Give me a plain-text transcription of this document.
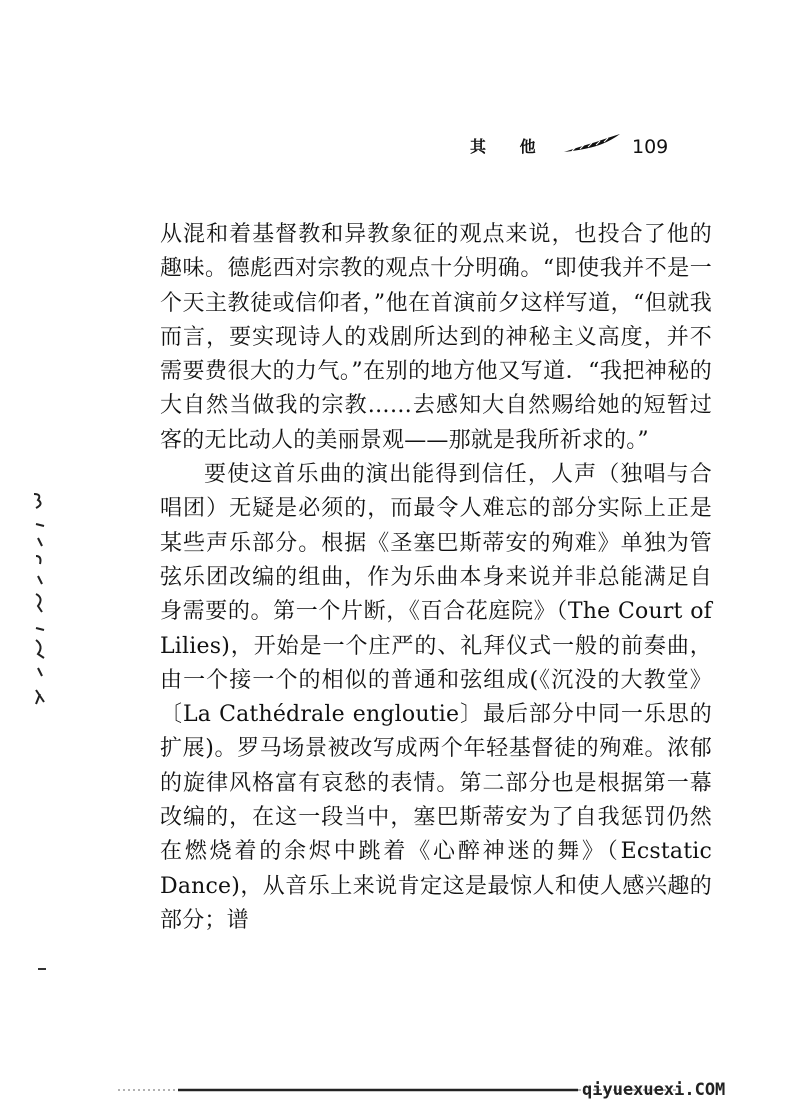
其 他	109

从混和着基督教和异教象征的观点来说，也投合了他的趣味。德彪西对宗教的观点十分明确。“即使我并不是一个天主教徒或信仰者，”他在首演前夕这样写道，“但就我而言，要实现诗人的戏剧所达到的神秘主义高度，并不需要费很大的力气。”在别的地方他又写道．“我把神秘的大自然当做我的宗教……去感知大自然赐给她的短暂过客的无比动人的美丽景观——那就是我所祈求的。”

要使这首乐曲的演出能得到信任，人声（独唱与合唱团）无疑是必须的，而最令人难忘的部分实际上正是某些声乐部分。根据《圣塞巴斯蒂安的殉难》单独为管弦乐团改编的组曲，作为乐曲本身来说并非总能满足自身需要的。第一个片断，《百合花庭院》（The Court of Lilies)，开始是一个庄严的、礼拜仪式一般的前奏曲，由一个接一个的相似的普通和弦组成(《沉没的大教堂》〔La Cathédrale engloutie〕最后部分中同一乐思的扩展)。罗马场景被改写成两个年轻基督徒的殉难。浓郁的旋律风格富有哀愁的表情。第二部分也是根据第一幕改编的，在这一段当中，塞巴斯蒂安为了自我惩罚仍然在燃烧着的余烬中跳着《心醉神迷的舞》（Ecstatic Dance)，从音乐上来说肯定这是最惊人和使人感兴趣的部分；谱

qiyuexuexi.COM
